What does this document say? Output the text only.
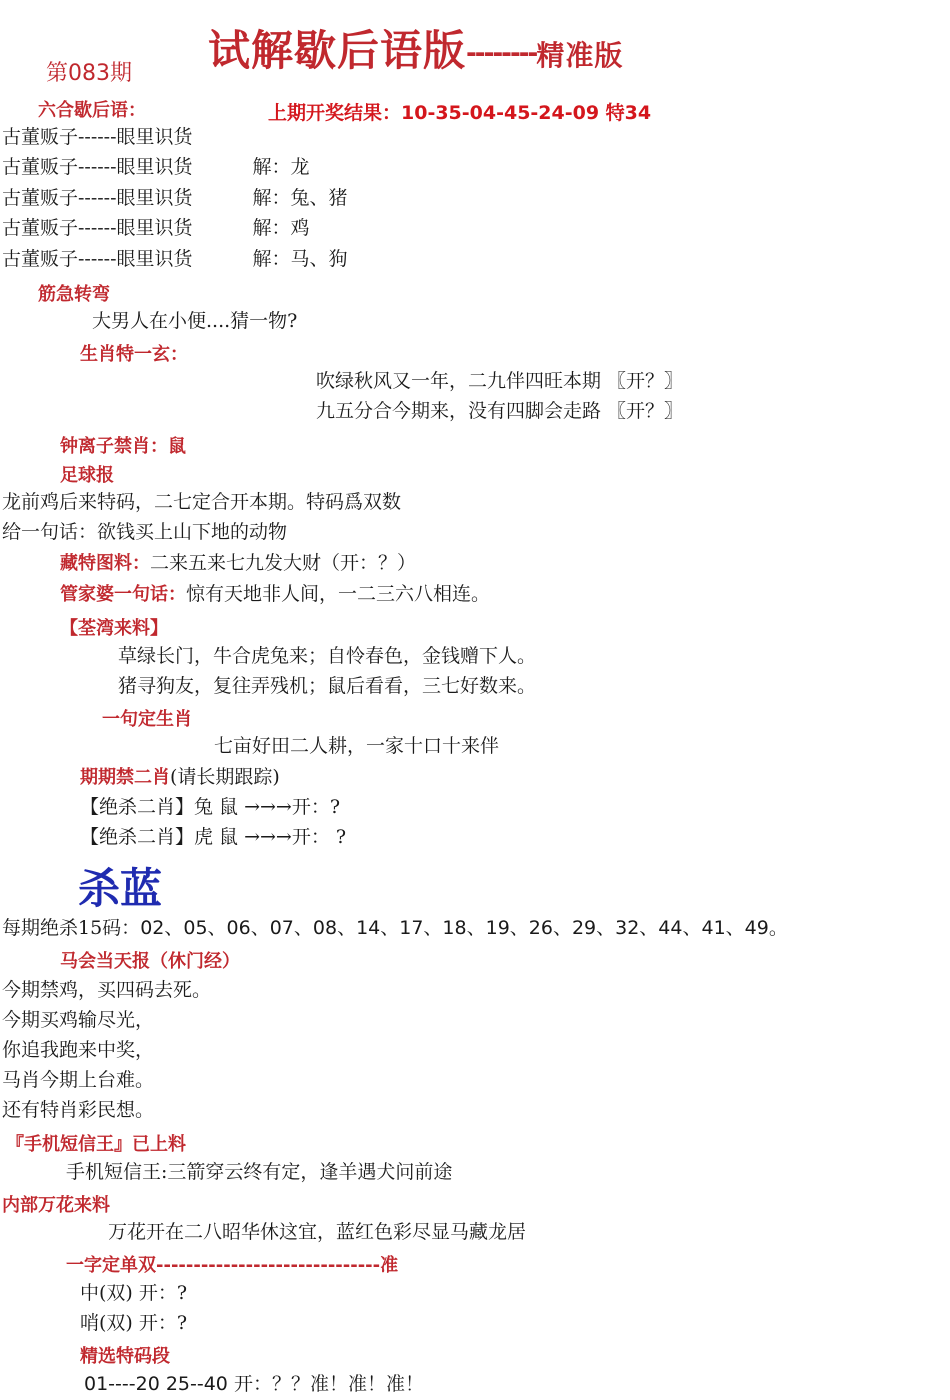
试解歇后语版--------精准版
第083期
上期开奖结果：10-35-04-45-24-09 特34
六合歇后语：
古董贩子------眼里识货
古董贩子------眼里识货	解：龙
古董贩子------眼里识货	解：兔、猪
古董贩子------眼里识货	解：鸡
古董贩子------眼里识货	解：马、狗
筋急转弯
大男人在小便....猜一物?
生肖特一玄：
吹绿秋风又一年，二九伴四旺本期 〖开？〗
九五分合今期来，没有四脚会走路 〖开？〗
钟离子禁肖：鼠
足球报
龙前鸡后来特码，二七定合开本期。特码爲双数
给一句话：欲钱买上山下地的动物
藏特图料：二来五来七九发大财（开：？）
管家婆一句话：惊有天地非人间，一二三六八相连。
【荃湾来料】
草绿长门，牛合虎兔来；自怜春色，金钱赠下人。
猪寻狗友，复往弄残机；鼠后看看，三七好数来。
一句定生肖
七亩好田二人耕，一家十口十来伴
期期禁二肖(请长期跟踪)
【绝杀二肖】兔 鼠 →→→开：?
【绝杀二肖】虎 鼠 →→→开： ?
杀蓝
每期绝杀15码：02、05、06、07、08、14、17、18、19、26、29、32、44、41、49。
马会当天报（休门经）
今期禁鸡，买四码去死。
今期买鸡输尽光，
你追我跑来中奖，
马肖今期上台难。
还有特肖彩民想。
『手机短信王』已上料
手机短信王:三箭穿云终有定，逢羊遇犬问前途
内部万花来料
万花开在二八昭华休这宜，蓝红色彩尽显马藏龙居
一字定单双------------------------------准
中(双) 开：?
哨(双) 开：?
精选特码段
01----20 25--40 开：？？准！准！准！
